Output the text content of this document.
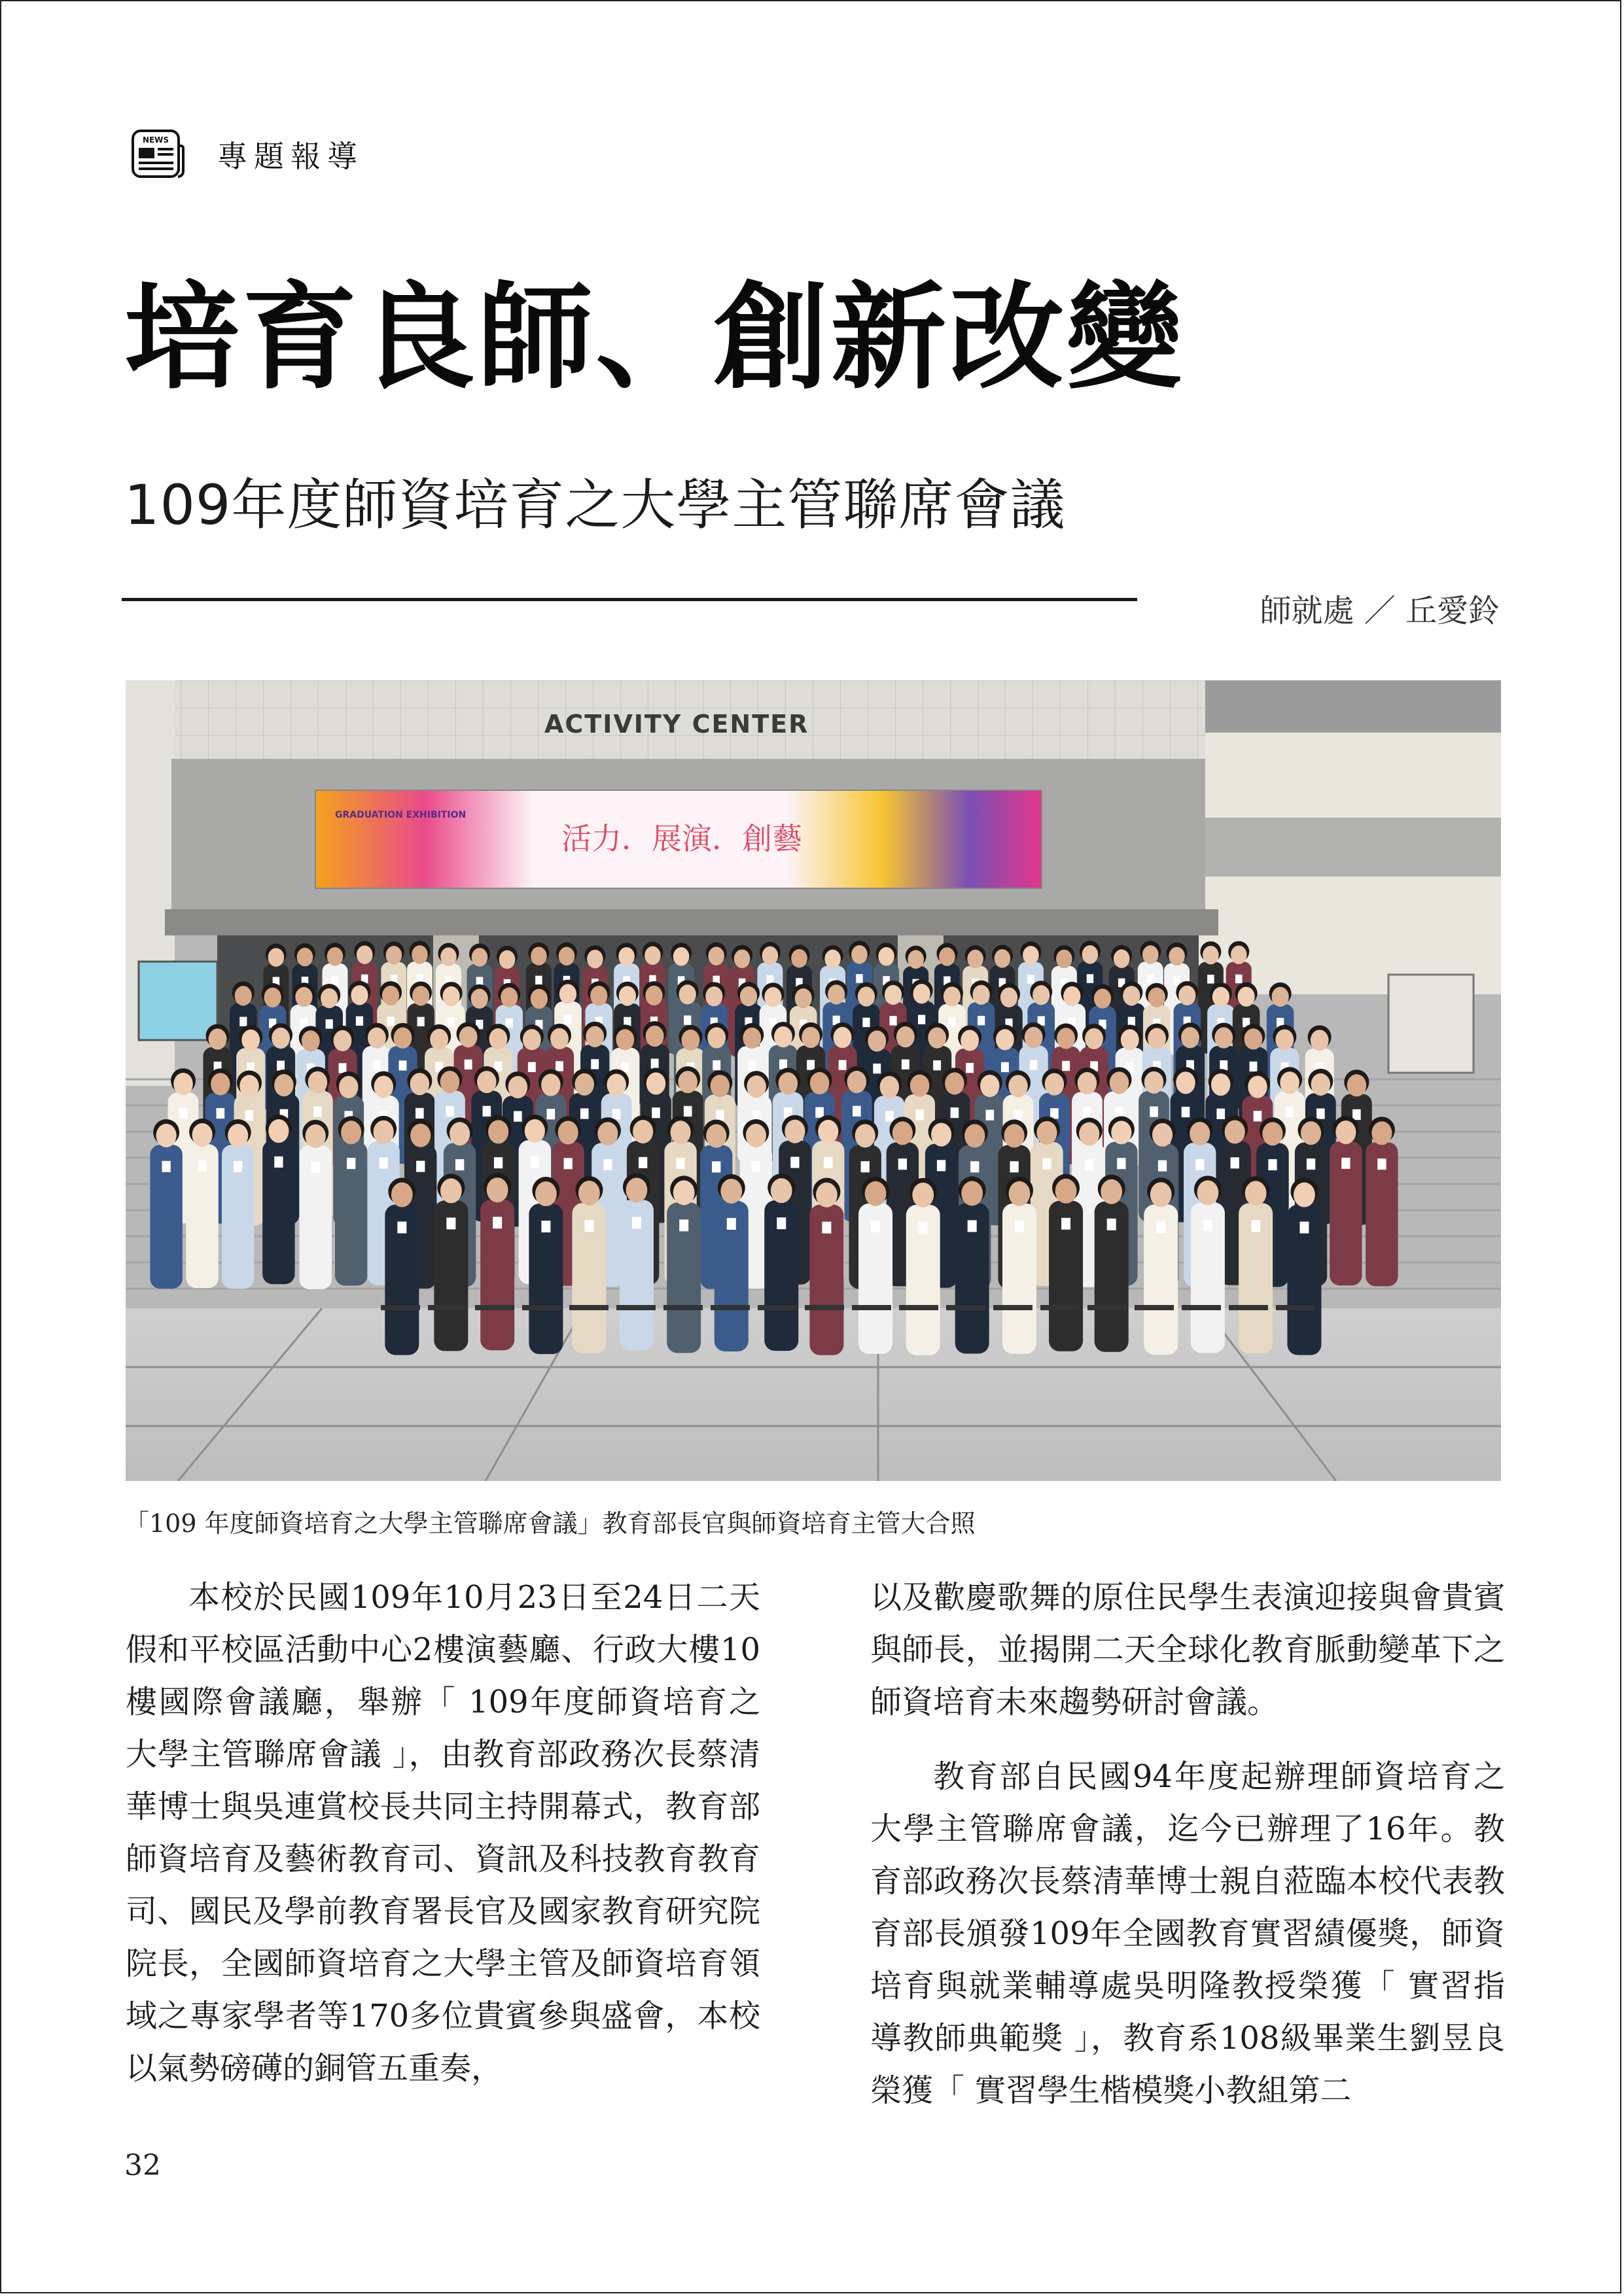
NEWS 專題報導
培育良師、創新改變
109年度師資培育之大學主管聯席會議
師就處 ／ 丘愛鈴
ACTIVITY CENTER
GRADUATION EXHIBITION
活力．展演．創藝
「109 年度師資培育之大學主管聯席會議」教育部長官與師資培育主管大合照

本校於民國109年10月23日至24日二天假和平校區活動中心2樓演藝廳、行政大樓10樓國際會議廳，舉辦「 109年度師資培育之大學主管聯席會議 」，由教育部政務次長蔡清華博士與吳連賞校長共同主持開幕式，教育部師資培育及藝術教育司、資訊及科技教育教育司、國民及學前教育署長官及國家教育研究院院長，全國師資培育之大學主管及師資培育領域之專家學者等170多位貴賓參與盛會，本校以氣勢磅礡的銅管五重奏，

以及歡慶歌舞的原住民學生表演迎接與會貴賓與師長，並揭開二天全球化教育脈動變革下之師資培育未來趨勢研討會議。

教育部自民國94年度起辦理師資培育之大學主管聯席會議，迄今已辦理了16年。教育部政務次長蔡清華博士親自蒞臨本校代表教育部長頒發109年全國教育實習績優獎，師資培育與就業輔導處吳明隆教授榮獲「 實習指導教師典範獎 」，教育系108級畢業生劉昱良榮獲「 實習學生楷模獎小教組第二

32
